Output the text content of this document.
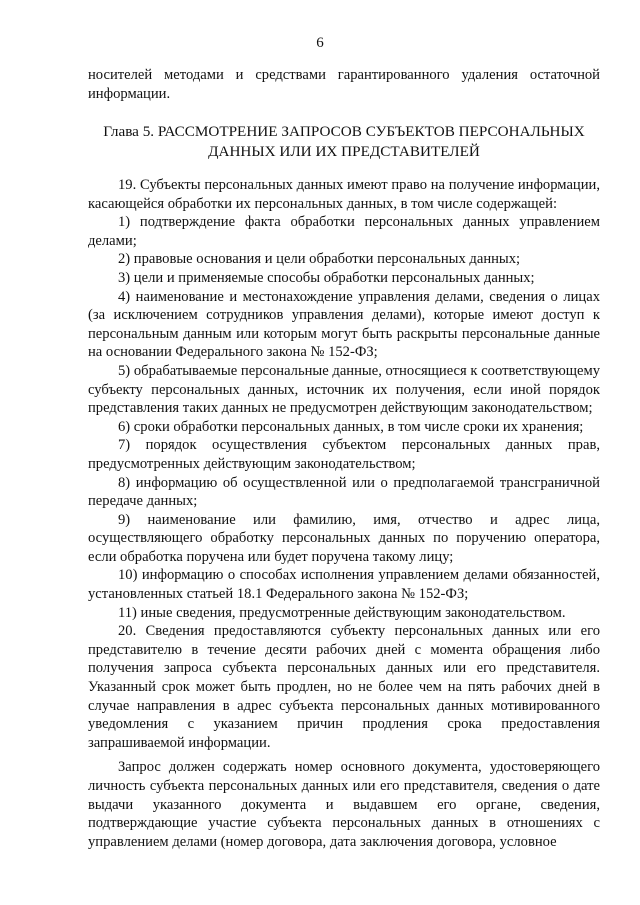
6
носителей методами и средствами гарантированного удаления остаточной информации.
Глава 5. РАССМОТРЕНИЕ ЗАПРОСОВ СУБЪЕКТОВ ПЕРСОНАЛЬНЫХ
ДАННЫХ ИЛИ ИХ ПРЕДСТАВИТЕЛЕЙ

19. Субъекты персональных данных имеют право на получение информации, касающейся обработки их персональных данных, в том числе содержащей:

1) подтверждение факта обработки персональных данных управлением делами;

2) правовые основания и цели обработки персональных данных;

3) цели и применяемые способы обработки персональных данных;

4) наименование и местонахождение управления делами, сведения о лицах (за исключением сотрудников управления делами), которые имеют доступ к персональным данным или которым могут быть раскрыты персональные данные на основании Федерального закона № 152-ФЗ;

5) обрабатываемые персональные данные, относящиеся к соответствующему субъекту персональных данных, источник их получения, если иной порядок представления таких данных не предусмотрен действующим законодательством;

6) сроки обработки персональных данных, в том числе сроки их хранения;

7) порядок осуществления субъектом персональных данных прав, предусмотренных действующим законодательством;

8) информацию об осуществленной или о предполагаемой трансграничной передаче данных;

9) наименование или фамилию, имя, отчество и адрес лица, осуществляющего обработку персональных данных по поручению оператора, если обработка поручена или будет поручена такому лицу;

10) информацию о способах исполнения управлением делами обязанностей, установленных статьей 18.1 Федерального закона № 152-ФЗ;

11) иные сведения, предусмотренные действующим законодательством.

20. Сведения предоставляются субъекту персональных данных или его представителю в течение десяти рабочих дней с момента обращения либо получения запроса субъекта персональных данных или его представителя. Указанный срок может быть продлен, но не более чем на пять рабочих дней в случае направления в адрес субъекта персональных данных мотивированного уведомления с указанием причин продления срока предоставления запрашиваемой информации.

Запрос должен содержать номер основного документа, удостоверяющего личность субъекта персональных данных или его представителя, сведения о дате выдачи указанного документа и выдавшем его органе, сведения, подтверждающие участие субъекта персональных данных в отношениях с управлением делами (номер договора, дата заключения договора, условное
